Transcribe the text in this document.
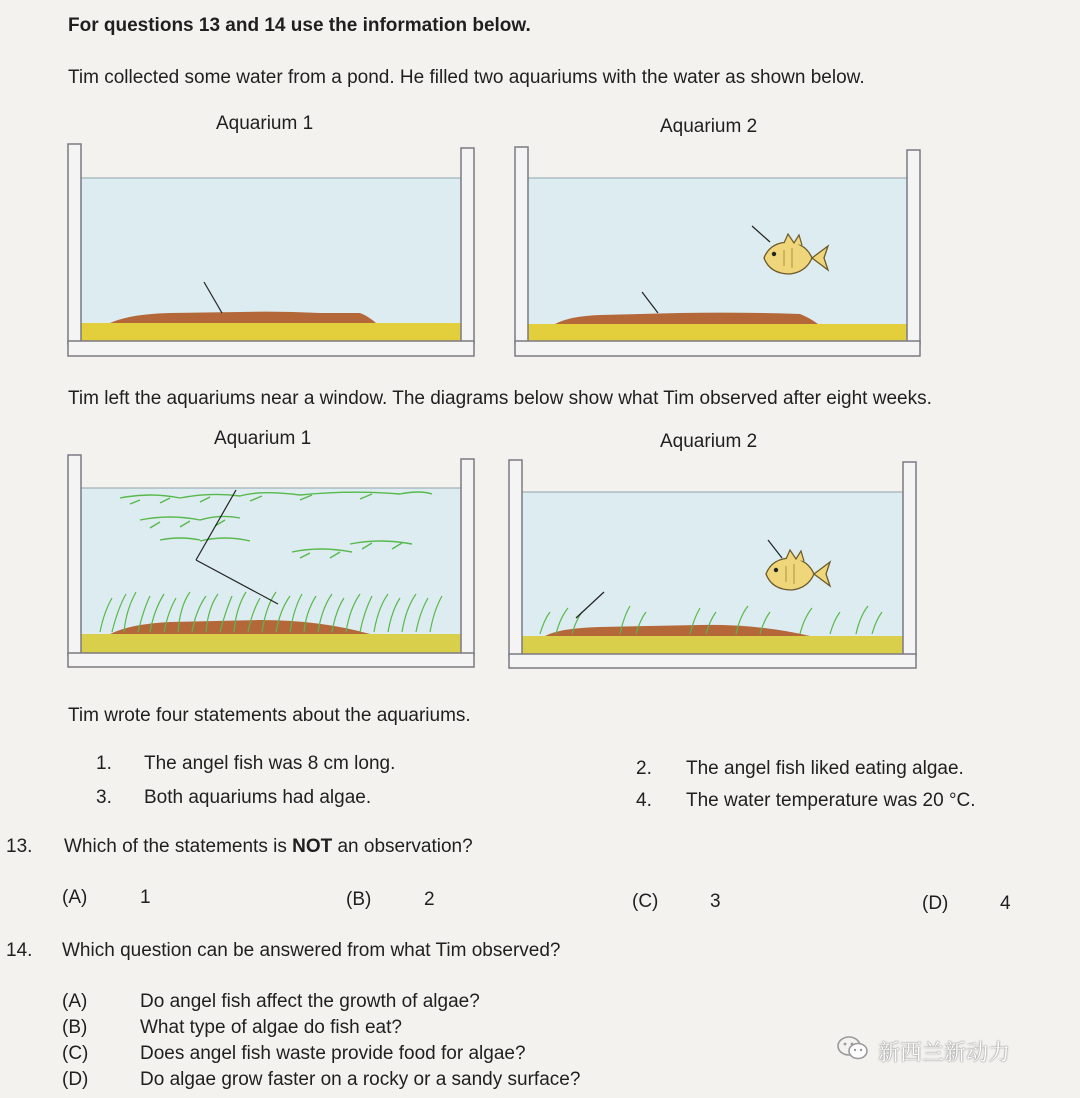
For questions 13 and 14 use the information below.
Tim collected some water from a pond. He filled two aquariums with the water as shown below.
Aquarium 1	Aquarium 2
Tim left the aquariums near a window. The diagrams below show what Tim observed after eight weeks.
Aquarium 1	Aquarium 2
Tim wrote four statements about the aquariums.
1. The angel fish was 8 cm long.	2. The angel fish liked eating algae.
3. Both aquariums had algae.	4. The water temperature was 20 °C.
13. Which of the statements is NOT an observation?
(A)	1	(B)	2	(C)	3	(D)	4
14. Which question can be answered from what Tim observed?
(A)	Do angel fish affect the growth of algae?
(B)	What type of algae do fish eat?
(C)	Does angel fish waste provide food for algae?
(D)	Do algae grow faster on a rocky or a sandy surface?
新西兰新动力
